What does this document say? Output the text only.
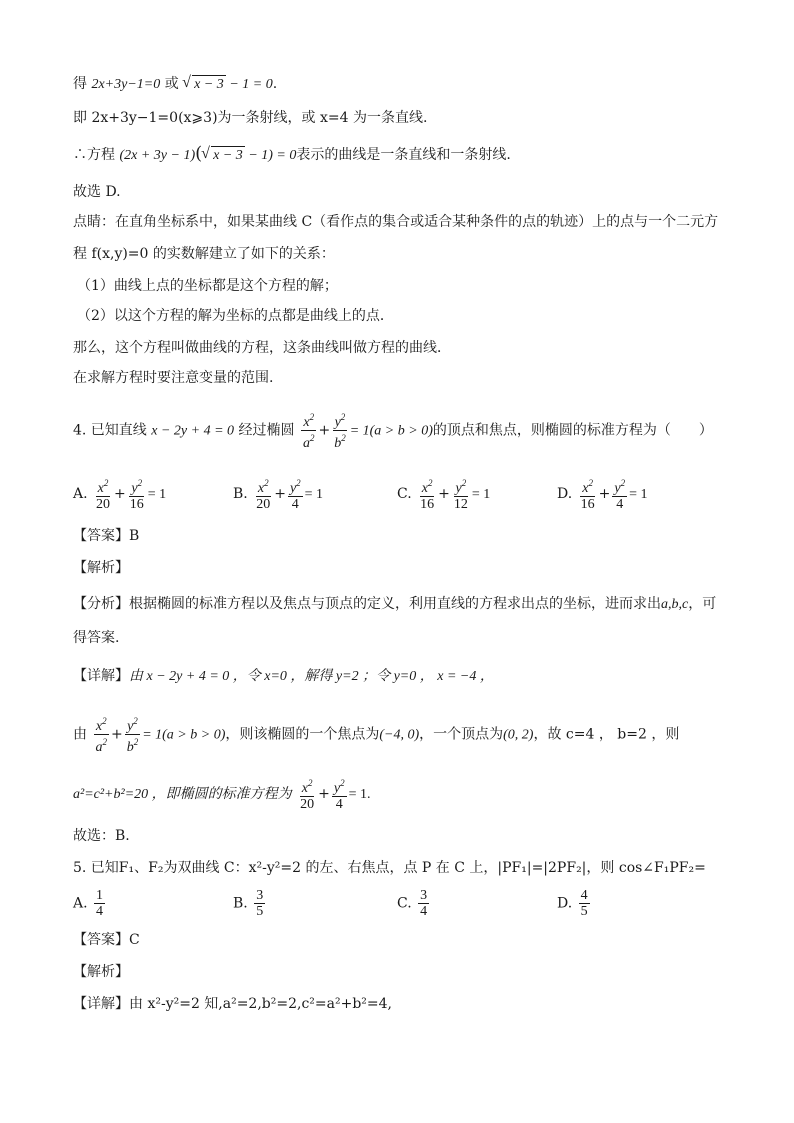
得 2x+3y−1=0 或 √ x − 3 − 1 = 0.
即 2x+3y−1=0(x⩾3)为一条射线，或 x=4 为一条直线.
∴方程 (2x + 3y − 1)( √ x − 3 − 1) = 0表示的曲线是一条直线和一条射线.
故选 D.
点睛：在直角坐标系中，如果某曲线 C（看作点的集合或适合某种条件的点的轨迹）上的点与一个二元方
程 f(x,y)=0 的实数解建立了如下的关系：
（1）曲线上点的坐标都是这个方程的解；
（2）以这个方程的解为坐标的点都是曲线上的点．
那么，这个方程叫做曲线的方程，这条曲线叫做方程的曲线．
在求解方程时要注意变量的范围.
4. 已知直线 x − 2y + 4 = 0 经过椭圆 $\frac{x^2}{a^2} + \frac{y^2}{b^2} = 1(a > b > 0)$的顶点和焦点，则椭圆的标准方程为（　　）
A. $\frac{x^2}{20} + \frac{y^2}{16} = 1$	B. $\frac{x^2}{20} + \frac{y^2}{4} = 1$	C. $\frac{x^2}{16} + \frac{y^2}{12} = 1$	D. $\frac{x^2}{16} + \frac{y^2}{4} = 1$
【答案】B
【解析】
【分析】根据椭圆的标准方程以及焦点与顶点的定义，利用直线的方程求出点的坐标，进而求出a,b,c，可
得答案.
【详解】由 x − 2y + 4 = 0 ，令 x=0 ，解得 y=2 ；令 y=0 ， x = −4 ，
由 $\frac{x^2}{a^2} + \frac{y^2}{b^2} = 1(a > b > 0)$，则该椭圆的一个焦点为(−4, 0)，一个顶点为(0, 2)，故 c=4 ， b=2 ，则
a²=c²+b²=20 ，即椭圆的标准方程为 $\frac{x^2}{20} + \frac{y^2}{4} = 1$.
故选：B.
5. 已知F₁、F₂为双曲线 C：x²-y²=2 的左、右焦点，点 P 在 C 上，|PF₁|=|2PF₂|，则 cos∠F₁PF₂=
A. $\frac{1}{4}$	B. $\frac{3}{5}$	C. $\frac{3}{4}$	D. $\frac{4}{5}$
【答案】C
【解析】
【详解】由 x²-y²=2 知,a²=2,b²=2,c²=a²+b²=4,
